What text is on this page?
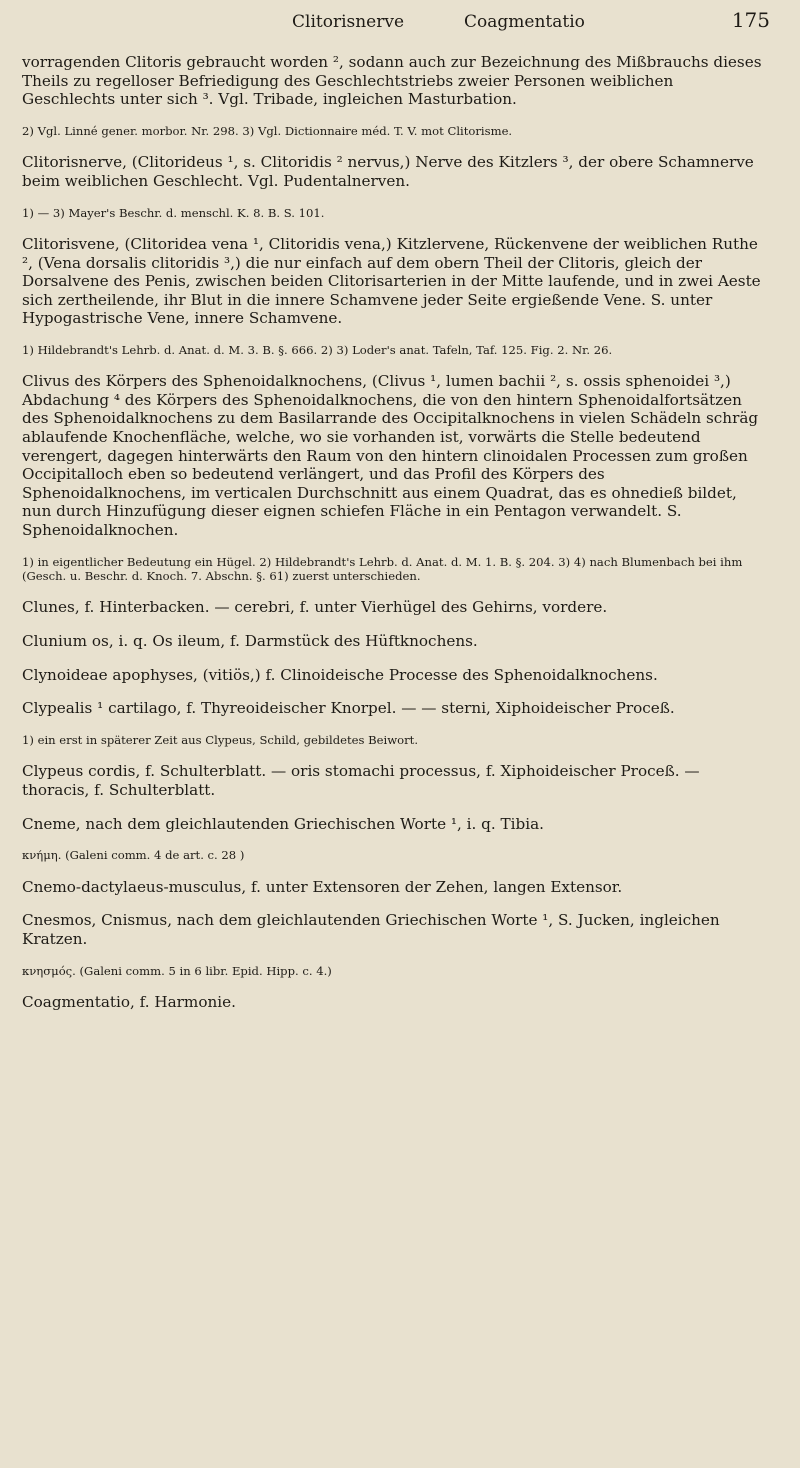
Clitorisnerve	Coagmentatio	175

vorragenden Clitoris gebraucht worden ², sodann auch zur Bezeichnung des Mißbrauchs dieses Theils zu regelloser Befriedigung des Geschlechtstriebs zweier Personen weiblichen Geschlechts unter sich ³. Vgl. Tribade, ingleichen Masturbation.

2) Vgl. Linné gener. morbor. Nr. 298. 3) Vgl. Dictionnaire méd. T. V. mot Clitorisme.

Clitorisnerve, (Clitorideus ¹, s. Clitoridis ² nervus,) Nerve des Kitzlers ³, der obere Schamnerve beim weiblichen Geschlecht. Vgl. Pudentalnerven.

1) — 3) Mayer's Beschr. d. menschl. K. 8. B. S. 101.

Clitorisvene, (Clitoridea vena ¹, Clitoridis vena,) Kitzlervene, Rückenvene der weiblichen Ruthe ², (Vena dorsalis clitoridis ³,) die nur einfach auf dem obern Theil der Clitoris, gleich der Dorsalvene des Penis, zwischen beiden Clitorisarterien in der Mitte laufende, und in zwei Aeste sich zertheilende, ihr Blut in die innere Schamvene jeder Seite ergießende Vene. S. unter Hypogastrische Vene, innere Schamvene.

1) Hildebrandt's Lehrb. d. Anat. d. M. 3. B. §. 666. 2) 3) Loder's anat. Tafeln, Taf. 125. Fig. 2. Nr. 26.

Clivus des Körpers des Sphenoidalknochens, (Clivus ¹, lumen bachii ², s. ossis sphenoidei ³,) Abdachung ⁴ des Körpers des Sphenoidalknochens, die von den hintern Sphenoidalfortsätzen des Sphenoidalknochens zu dem Basilarrande des Occipitalknochens in vielen Schädeln schräg ablaufende Knochenfläche, welche, wo sie vorhanden ist, vorwärts die Stelle bedeutend verengert, dagegen hinterwärts den Raum von den hintern clinoidalen Processen zum großen Occipitalloch eben so bedeutend verlängert, und das Profil des Körpers des Sphenoidalknochens, im verticalen Durchschnitt aus einem Quadrat, das es ohnedieß bildet, nun durch Hinzufügung dieser eignen schiefen Fläche in ein Pentagon verwandelt. S. Sphenoidalknochen.

1) in eigentlicher Bedeutung ein Hügel. 2) Hildebrandt's Lehrb. d. Anat. d. M. 1. B. §. 204. 3) 4) nach Blumenbach bei ihm (Gesch. u. Beschr. d. Knoch. 7. Abschn. §. 61) zuerst unterschieden.

Clunes, f. Hinterbacken. — cerebri, f. unter Vierhügel des Gehirns, vordere.

Clunium os, i. q. Os ileum, f. Darmstück des Hüftknochens.

Clynoideae apophyses, (vitiös,) f. Clinoideische Processe des Sphenoidalknochens.

Clypealis ¹ cartilago, f. Thyreoideischer Knorpel. — — sterni, Xiphoideischer Proceß.

1) ein erst in späterer Zeit aus Clypeus, Schild, gebildetes Beiwort.

Clypeus cordis, f. Schulterblatt. — oris stomachi processus, f. Xiphoideischer Proceß. — thoracis, f. Schulterblatt.

Cneme, nach dem gleichlautenden Griechischen Worte ¹, i. q. Tibia.

κνήμη. (Galeni comm. 4 de art. c. 28 )

Cnemo-dactylaeus-musculus, f. unter Extensoren der Zehen, langen Extensor.

Cnesmos, Cnismus, nach dem gleichlautenden Griechischen Worte ¹, S. Jucken, ingleichen Kratzen.

κνησμός. (Galeni comm. 5 in 6 libr. Epid. Hipp. c. 4.)

Coagmentatio, f. Harmonie.
